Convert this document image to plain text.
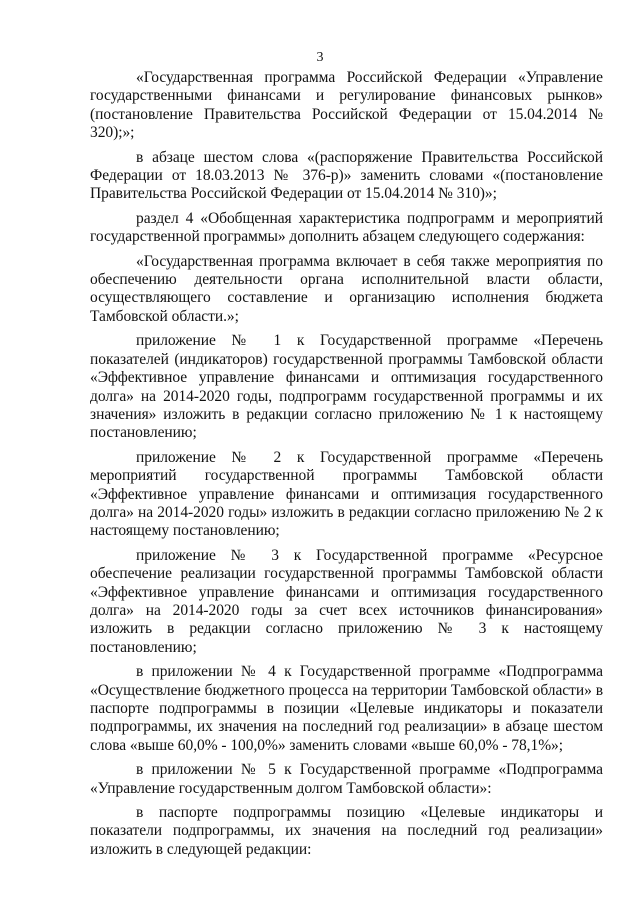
3

«Государственная программа Российской Федерации «Управление государственными финансами и регулирование финансовых рынков» (постановление Правительства Российской Федерации от 15.04.2014 № 320);»;

в абзаце шестом слова «(распоряжение Правительства Российской Федерации от 18.03.2013 № 376-р)» заменить словами «(постановление Правительства Российской Федерации от 15.04.2014 № 310)»;

раздел 4 «Обобщенная характеристика подпрограмм и мероприятий государственной программы» дополнить абзацем следующего содержания:

«Государственная программа включает в себя также мероприятия по обеспечению деятельности органа исполнительной власти области, осуществляющего составление и организацию исполнения бюджета Тамбовской области.»;

приложение № 1 к Государственной программе «Перечень показателей (индикаторов) государственной программы Тамбовской области «Эффективное управление финансами и оптимизация государственного долга» на 2014-2020 годы, подпрограмм государственной программы и их значения» изложить в редакции согласно приложению № 1 к настоящему постановлению;

приложение № 2 к Государственной программе «Перечень мероприятий государственной программы Тамбовской области «Эффективное управление финансами и оптимизация государственного долга» на 2014-2020 годы» изложить в редакции согласно приложению № 2 к настоящему постановлению;

приложение № 3 к Государственной программе «Ресурсное обеспечение реализации государственной программы Тамбовской области «Эффективное управление финансами и оптимизация государственного долга» на 2014-2020 годы за счет всех источников финансирования» изложить в редакции согласно приложению № 3 к настоящему постановлению;

в приложении № 4 к Государственной программе «Подпрограмма «Осуществление бюджетного процесса на территории Тамбовской области» в паспорте подпрограммы в позиции «Целевые индикаторы и показатели подпрограммы, их значения на последний год реализации» в абзаце шестом слова «выше 60,0% - 100,0%» заменить словами «выше 60,0% - 78,1%»;

в приложении № 5 к Государственной программе «Подпрограмма «Управление государственным долгом Тамбовской области»:

в паспорте подпрограммы позицию «Целевые индикаторы и показатели подпрограммы, их значения на последний год реализации» изложить в следующей редакции:
